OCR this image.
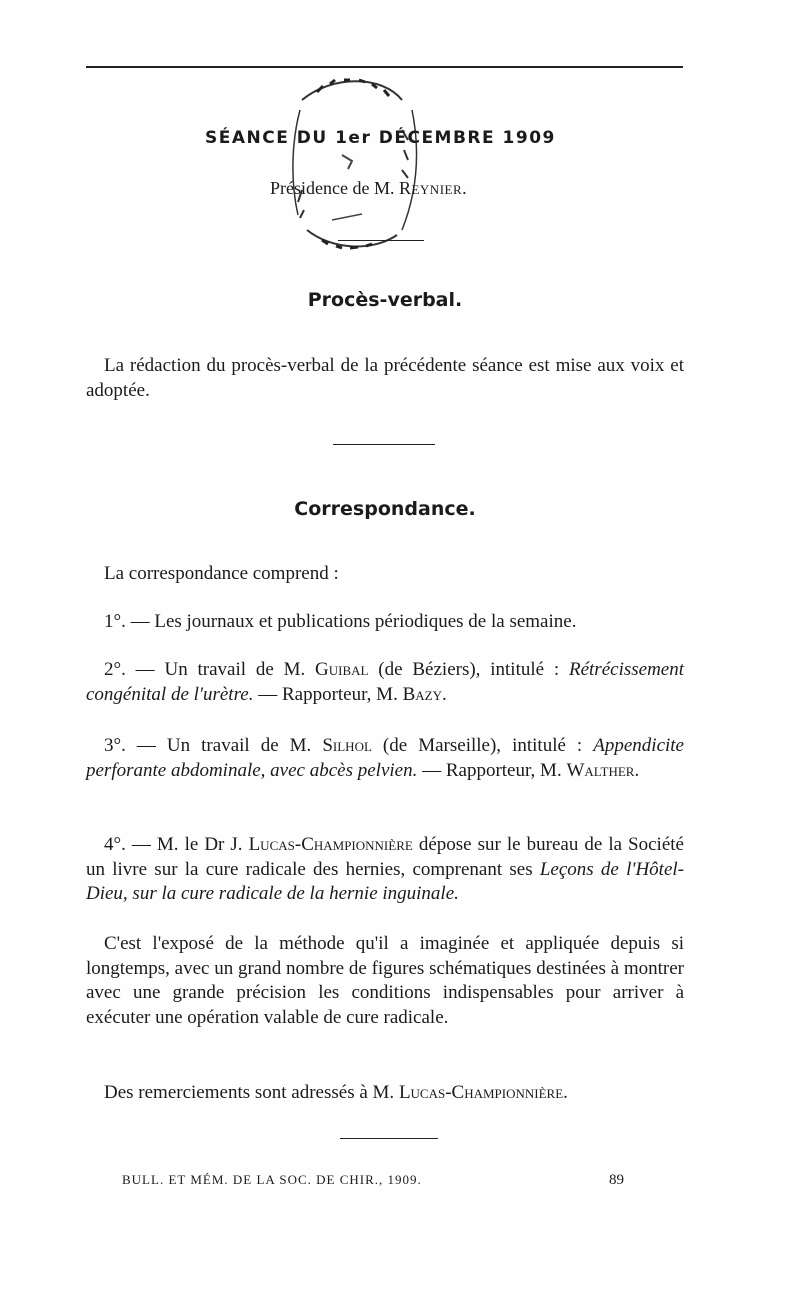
SÉANCE DU 1er DÉCEMBRE 1909
Présidence de M. Reynier.
Procès-verbal.
La rédaction du procès-verbal de la précédente séance est mise aux voix et adoptée.
Correspondance.
La correspondance comprend :
1°. — Les journaux et publications périodiques de la semaine.
2°. — Un travail de M. Guibal (de Béziers), intitulé : Rétrécissement congénital de l'urètre. — Rapporteur, M. Bazy.
3°. — Un travail de M. Silhol (de Marseille), intitulé : Appendicite perforante abdominale, avec abcès pelvien. — Rapporteur, M. Walther.
4°. — M. le Dr J. Lucas-Championnière dépose sur le bureau de la Société un livre sur la cure radicale des hernies, comprenant ses Leçons de l'Hôtel-Dieu, sur la cure radicale de la hernie inguinale.
C'est l'exposé de la méthode qu'il a imaginée et appliquée depuis si longtemps, avec un grand nombre de figures schématiques destinées à montrer avec une grande précision les conditions indispensables pour arriver à exécuter une opération valable de cure radicale.
Des remerciements sont adressés à M. Lucas-Championnière.
BULL. ET MÉM. DE LA SOC. DE CHIR., 1909.	89
